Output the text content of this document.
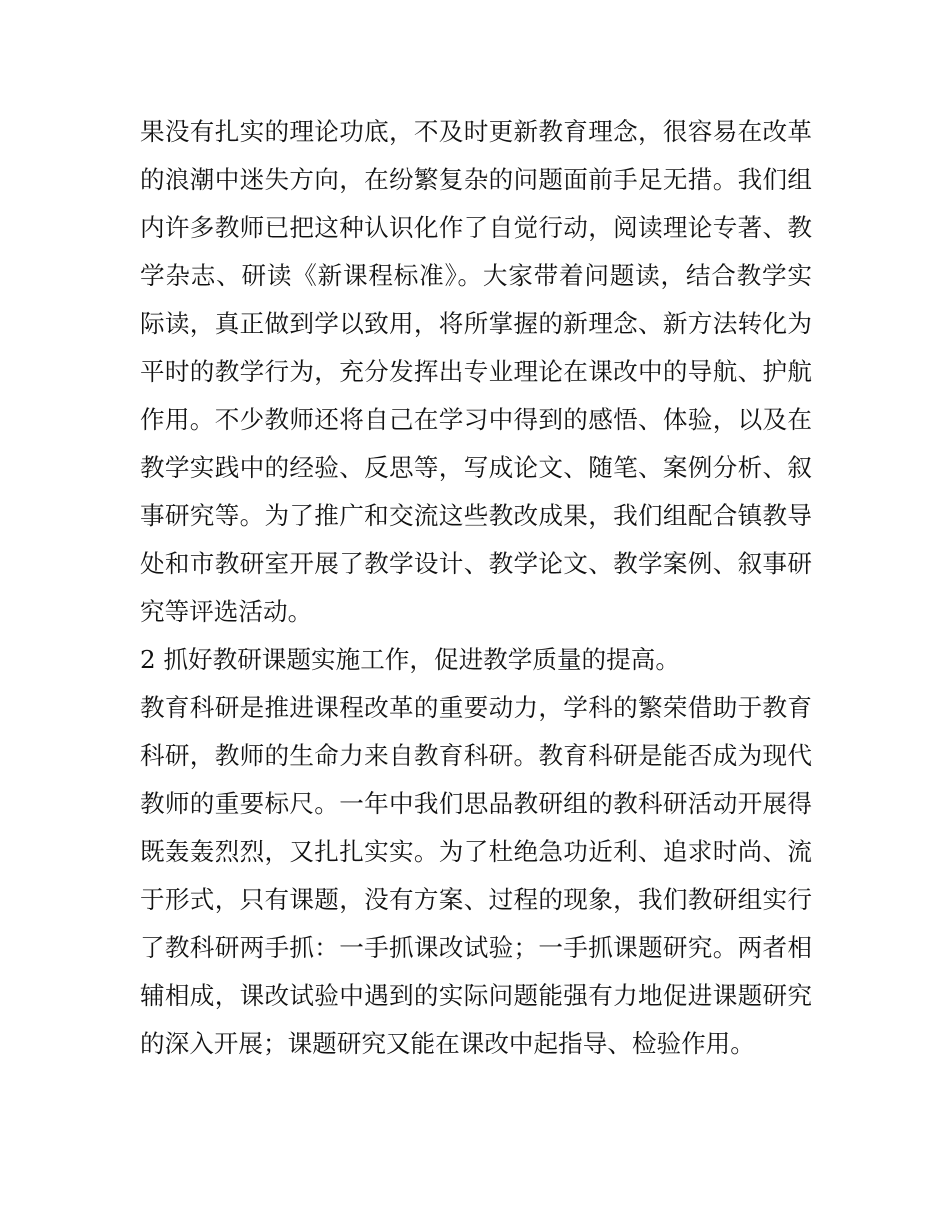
果没有扎实的理论功底，不及时更新教育理念，很容易在改革
的浪潮中迷失方向，在纷繁复杂的问题面前手足无措。我们组
内许多教师已把这种认识化作了自觉行动，阅读理论专著、教
学杂志、研读《新课程标准》。大家带着问题读，结合教学实
际读，真正做到学以致用，将所掌握的新理念、新方法转化为
平时的教学行为，充分发挥出专业理论在课改中的导航、护航
作用。不少教师还将自己在学习中得到的感悟、体验，以及在
教学实践中的经验、反思等，写成论文、随笔、案例分析、叙
事研究等。为了推广和交流这些教改成果，我们组配合镇教导
处和市教研室开展了教学设计、教学论文、教学案例、叙事研
究等评选活动。
2 抓好教研课题实施工作，促进教学质量的提高。
教育科研是推进课程改革的重要动力，学科的繁荣借助于教育
科研，教师的生命力来自教育科研。教育科研是能否成为现代
教师的重要标尺。一年中我们思品教研组的教科研活动开展得
既轰轰烈烈，又扎扎实实。为了杜绝急功近利、追求时尚、流
于形式，只有课题，没有方案、过程的现象，我们教研组实行
了教科研两手抓：一手抓课改试验；一手抓课题研究。两者相
辅相成，课改试验中遇到的实际问题能强有力地促进课题研究
的深入开展；课题研究又能在课改中起指导、检验作用。
